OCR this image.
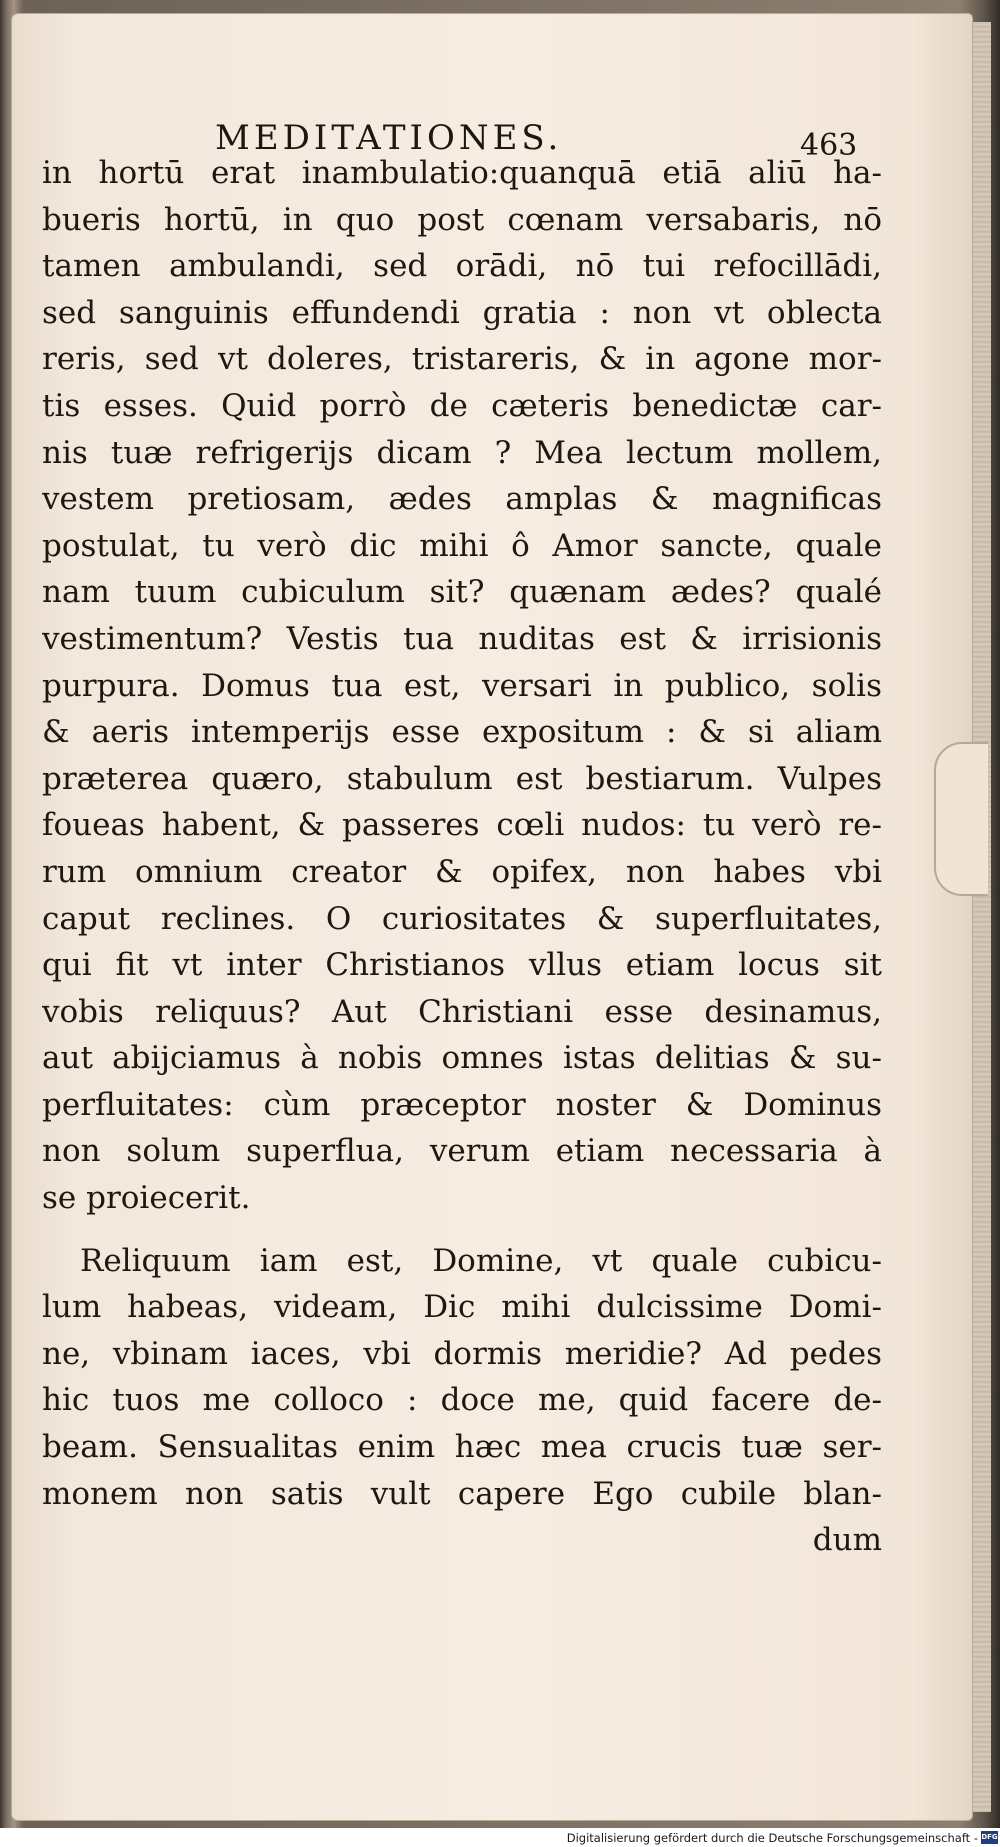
MEDITATIONES.	463
in hortū erat inambulatio:quanquā etiā aliū ha-
bueris hortū, in quo post cœnam versabaris, nō
tamen ambulandi, sed orādi, nō tui refocillādi,
sed sanguinis effundendi gratia : non vt oblecta
reris, sed vt doleres, tristareris, & in agone mor-
tis esses. Quid porrò de cæteris benedictæ car-
nis tuæ refrigerijs dicam ? Mea lectum mollem,
vestem pretiosam, ædes amplas & magnificas
postulat, tu verò dic mihi ô Amor sancte, quale
nam tuum cubiculum sit? quænam ædes? qualé
vestimentum? Vestis tua nuditas est & irrisionis
purpura. Domus tua est, versari in publico, solis
& aeris intemperijs esse expositum : & si aliam
præterea quæro, stabulum est bestiarum. Vulpes
foueas habent, & passeres cœli nudos: tu verò re-
rum omnium creator & opifex, non habes vbi
caput reclines. O curiositates & superfluitates,
qui fit vt inter Christianos vllus etiam locus sit
vobis reliquus? Aut Christiani esse desinamus,
aut abijciamus à nobis omnes istas delitias & su-
perfluitates: cùm præceptor noster & Dominus
non solum superflua, verum etiam necessaria à
se proiecerit.
Reliquum iam est, Domine, vt quale cubicu-
lum habeas, videam, Dic mihi dulcissime Domi-
ne, vbinam iaces, vbi dormis meridie? Ad pedes
hic tuos me colloco : doce me, quid facere de-
beam. Sensualitas enim hæc mea crucis tuæ ser-
monem non satis vult capere Ego cubile blan-
dum
Digitalisierung gefördert durch die Deutsche Forschungsgemeinschaft - DFG
